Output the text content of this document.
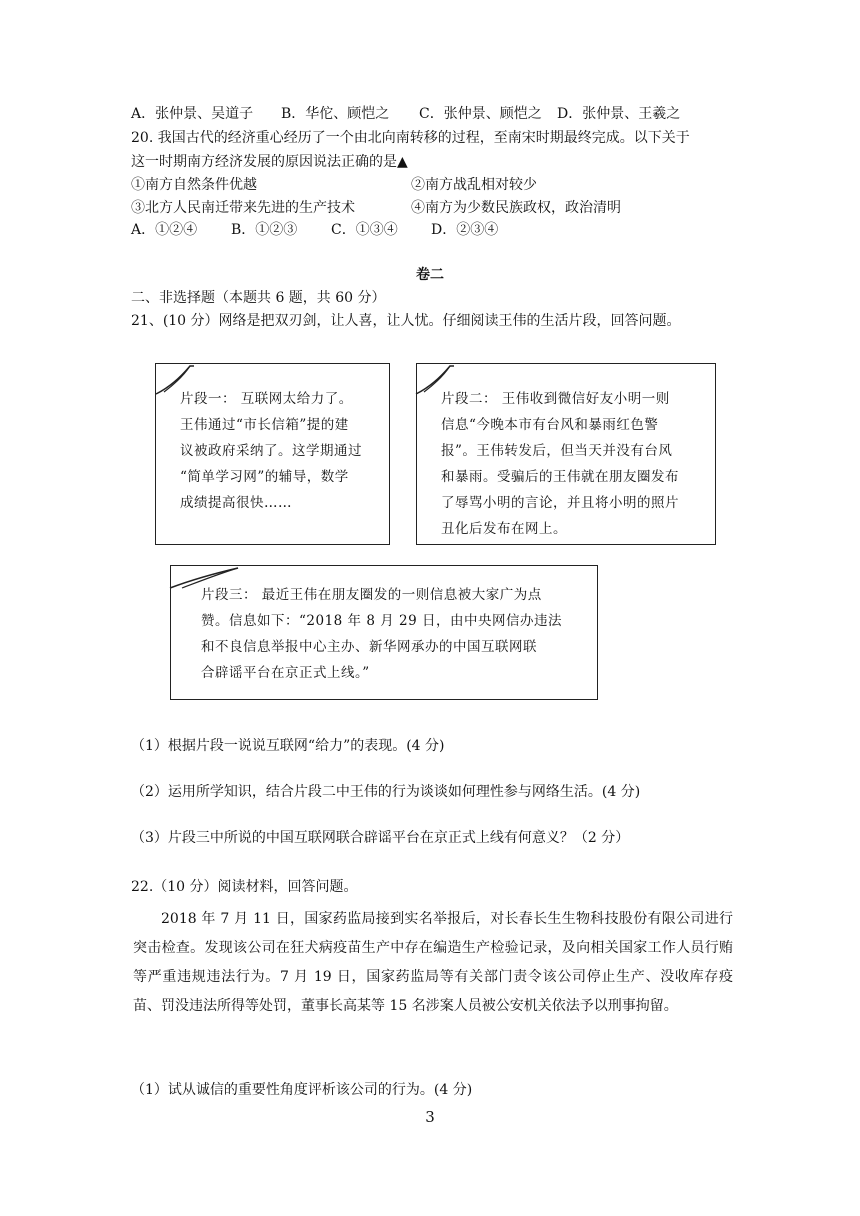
A．张仲景、吴道子 B．华佗、顾恺之 C．张仲景、顾恺之 D．张仲景、王羲之
20. 我国古代的经济重心经历了一个由北向南转移的过程，至南宋时期最终完成。以下关于
这一时期南方经济发展的原因说法正确的是▲
①南方自然条件优越	②南方战乱相对较少
③北方人民南迁带来先进的生产技术	④南方为少数民族政权，政治清明
A．①②④ B．①②③ C．①③④ D．②③④
卷二
二、非选择题（本题共 6 题，共 60 分）
21、(10 分）网络是把双刃剑，让人喜，让人忧。仔细阅读王伟的生活片段，回答问题。

片段一： 互联网太给力了。

王伟通过“市长信箱”提的建

议被政府采纳了。这学期通过

“简单学习网”的辅导，数学

成绩提高很快……

片段二： 王伟收到微信好友小明一则

信息“今晚本市有台风和暴雨红色警

报”。王伟转发后，但当天并没有台风

和暴雨。受骗后的王伟就在朋友圈发布

了辱骂小明的言论，并且将小明的照片

丑化后发布在网上。

片段三： 最近王伟在朋友圈发的一则信息被大家广为点

赞。信息如下：“2018 年 8 月 29 日，由中央网信办违法

和不良信息举报中心主办、新华网承办的中国互联网联

合辟谣平台在京正式上线。”

（1）根据片段一说说互联网“给力”的表现。(4 分)
（2）运用所学知识，结合片段二中王伟的行为谈谈如何理性参与网络生活。(4 分)
（3）片段三中所说的中国互联网联合辟谣平台在京正式上线有何意义？（2 分）
22.（10 分）阅读材料，回答问题。
2018 年 7 月 11 日，国家药监局接到实名举报后，对长春长生生物科技股份有限公司进行突击检查。发现该公司在狂犬病疫苗生产中存在编造生产检验记录，及向相关国家工作人员行贿等严重违规违法行为。7 月 19 日，国家药监局等有关部门责令该公司停止生产、没收库存疫苗、罚没违法所得等处罚，董事长高某等 15 名涉案人员被公安机关依法予以刑事拘留。
（1）试从诚信的重要性角度评析该公司的行为。(4 分)
3
